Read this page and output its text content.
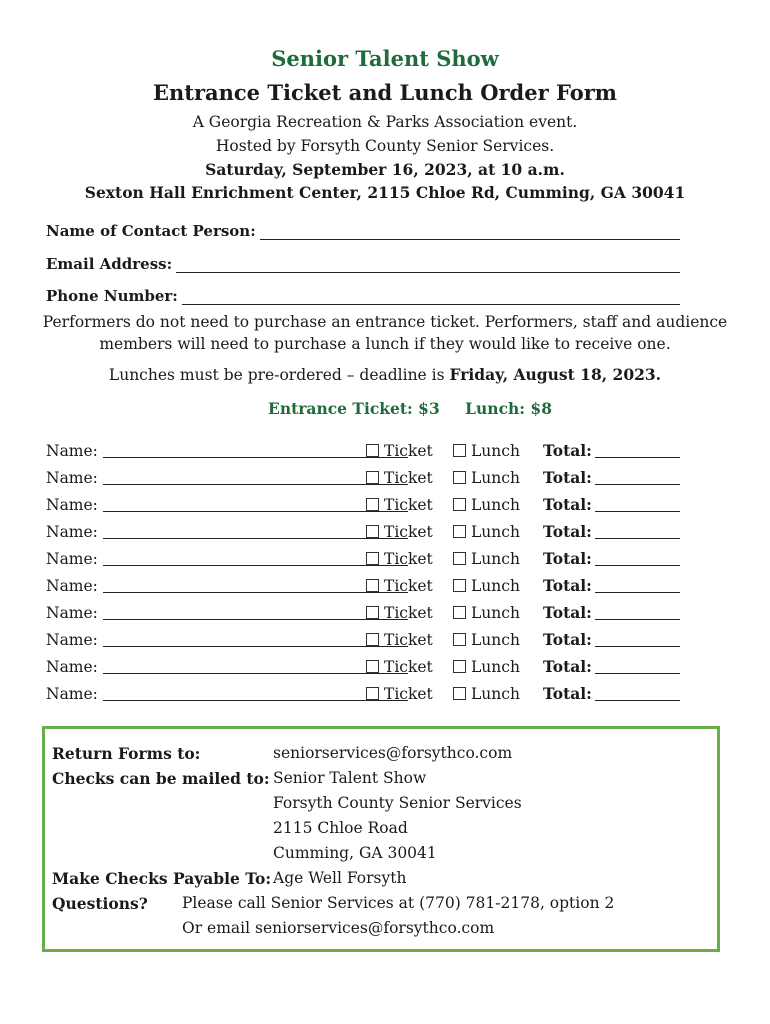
Senior Talent Show
Entrance Ticket and Lunch Order Form
A Georgia Recreation & Parks Association event.
Hosted by Forsyth County Senior Services.
Saturday, September 16, 2023, at 10 a.m.
Sexton Hall Enrichment Center, 2115 Chloe Rd, Cumming, GA 30041
Name of Contact Person:
Email Address:
Phone Number:
Performers do not need to purchase an entrance ticket. Performers, staff and audience members will need to purchase a lunch if they would like to receive one.
Lunches must be pre-ordered – deadline is Friday, August 18, 2023.
Entrance Ticket: $3 Lunch: $8
Name:	Ticket	Lunch Total:
Name:	Ticket	Lunch Total:
Name:	Ticket	Lunch Total:
Name:	Ticket	Lunch Total:
Name:	Ticket	Lunch Total:
Name:	Ticket	Lunch Total:
Name:	Ticket	Lunch Total:
Name:	Ticket	Lunch Total:
Name:	Ticket	Lunch Total:
Name:	Ticket	Lunch Total:
Return Forms to:	seniorservices@forsythco.com
Checks can be mailed to: Senior Talent Show
Forsyth County Senior Services
2115 Chloe Road
Cumming, GA 30041
Make Checks Payable To: Age Well Forsyth
Questions? Please call Senior Services at (770) 781-2178, option 2
Or email seniorservices@forsythco.com
